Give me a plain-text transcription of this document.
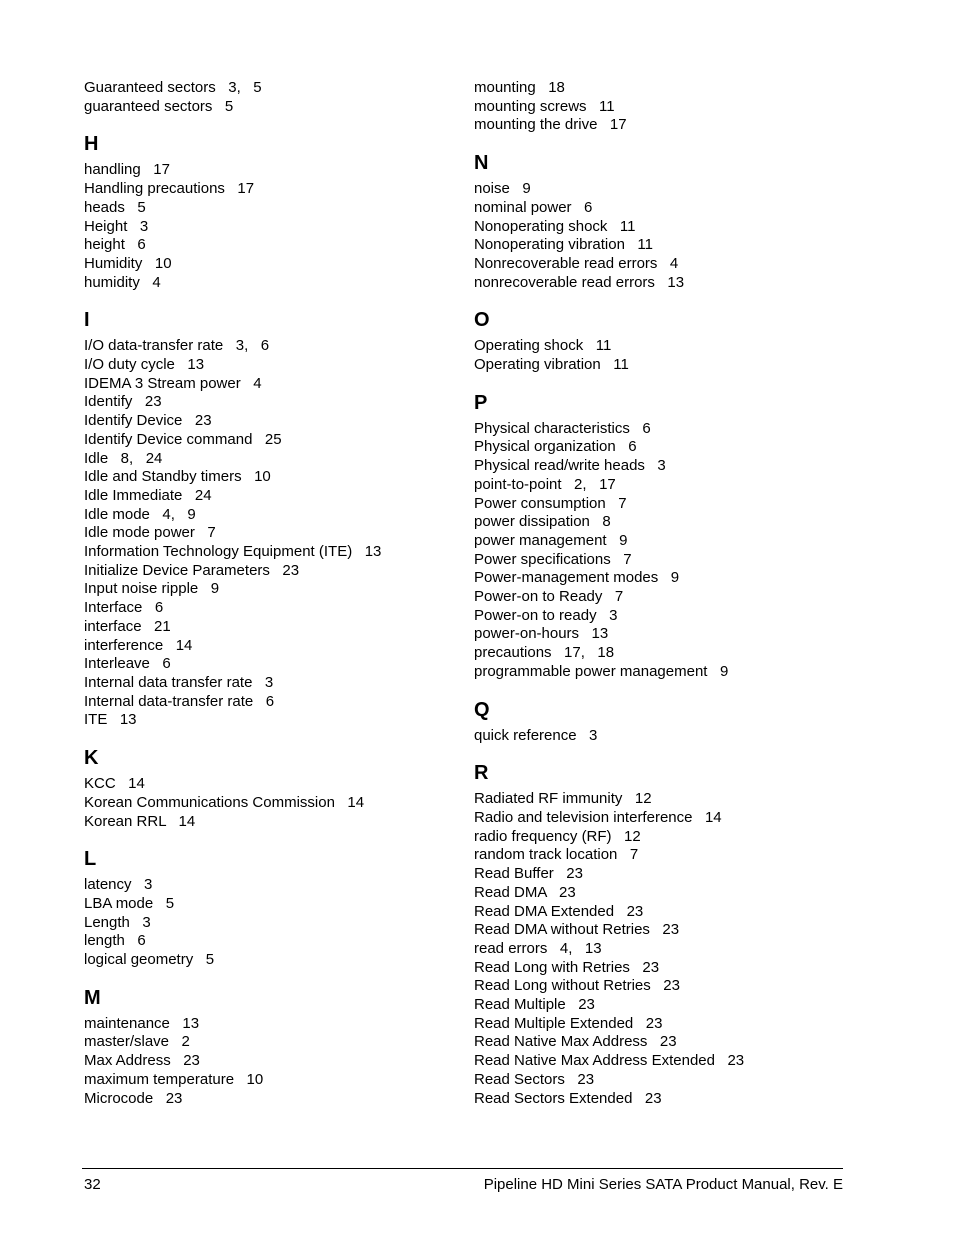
Guaranteed sectors   3,   5
guaranteed sectors   5
H
handling   17
Handling precautions   17
heads   5
Height   3
height   6
Humidity   10
humidity   4
I
I/O data-transfer rate   3,   6
I/O duty cycle   13
IDEMA 3 Stream power   4
Identify   23
Identify Device   23
Identify Device command   25
Idle   8,   24
Idle and Standby timers   10
Idle Immediate   24
Idle mode   4,   9
Idle mode power   7
Information Technology Equipment (ITE)   13
Initialize Device Parameters   23
Input noise ripple   9
Interface   6
interface   21
interference   14
Interleave   6
Internal data transfer rate   3
Internal data-transfer rate   6
ITE   13
K
KCC   14
Korean Communications Commission   14
Korean RRL   14
L
latency   3
LBA mode   5
Length   3
length   6
logical geometry   5
M
maintenance   13
master/slave   2
Max Address   23
maximum temperature   10
Microcode   23
mounting   18
mounting screws   11
mounting the drive   17
N
noise   9
nominal power   6
Nonoperating shock   11
Nonoperating vibration   11
Nonrecoverable read errors   4
nonrecoverable read errors   13
O
Operating shock   11
Operating vibration   11
P
Physical characteristics   6
Physical organization   6
Physical read/write heads   3
point-to-point   2,   17
Power consumption   7
power dissipation   8
power management   9
Power specifications   7
Power-management modes   9
Power-on to Ready   7
Power-on to ready   3
power-on-hours   13
precautions   17,   18
programmable power management   9
Q
quick reference   3
R
Radiated RF immunity   12
Radio and television interference   14
radio frequency (RF)   12
random track location   7
Read Buffer   23
Read DMA   23
Read DMA Extended   23
Read DMA without Retries   23
read errors   4,   13
Read Long with Retries   23
Read Long without Retries   23
Read Multiple   23
Read Multiple Extended   23
Read Native Max Address   23
Read Native Max Address Extended   23
Read Sectors   23
Read Sectors Extended   23
32	Pipeline HD Mini Series SATA Product Manual, Rev. E
